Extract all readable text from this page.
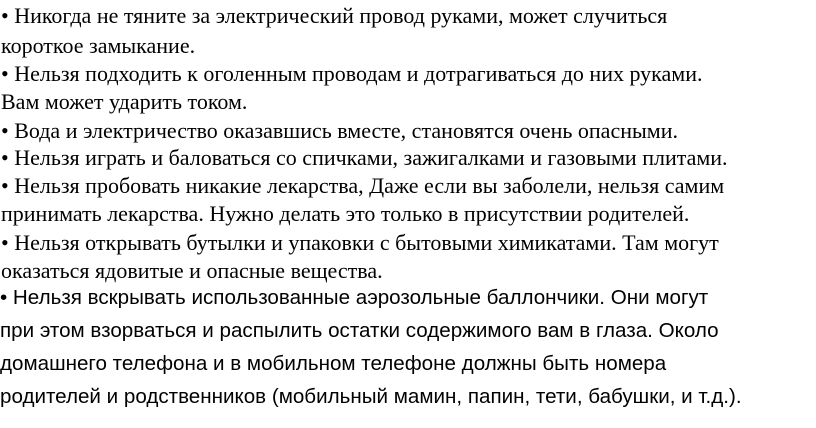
• Никогда не тяните за электрический провод руками, может случиться
короткое замыкание.
• Нельзя подходить к оголенным проводам и дотрагиваться до них руками.
Вам может ударить током.
• Вода и электричество оказавшись вместе, становятся очень опасными.
• Нельзя играть и баловаться со спичками, зажигалками и газовыми плитами.
• Нельзя пробовать никакие лекарства, Даже если вы заболели, нельзя самим
принимать лекарства. Нужно делать это только в присутствии родителей.
• Нельзя открывать бутылки и упаковки с бытовыми химикатами. Там могут
оказаться ядовитые и опасные вещества.
• Нельзя вскрывать использованные аэрозольные баллончики. Они могут
при этом взорваться и распылить остатки содержимого вам в глаза. Около
домашнего телефона и в мобильном телефоне должны быть номера
родителей и родственников (мобильный мамин, папин, тети, бабушки, и т.д.).
